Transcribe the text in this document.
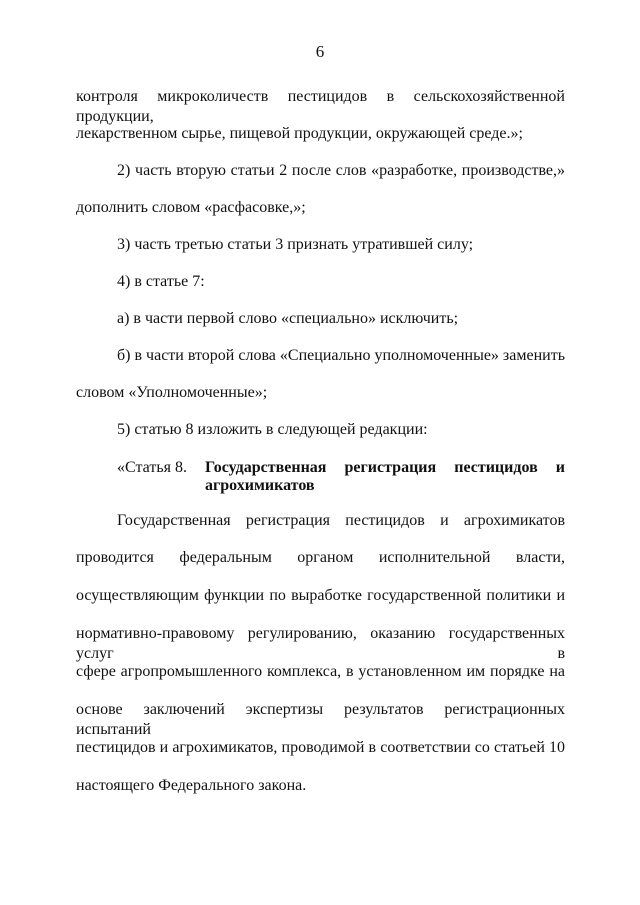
6
контроля микроколичеств пестицидов в сельскохозяйственной продукции,
лекарственном сырье, пищевой продукции, окружающей среде.»;
2) часть вторую статьи 2 после слов «разработке, производстве,»
дополнить словом «расфасовке,»;
3) часть третью статьи 3 признать утратившей силу;
4) в статье 7:
а) в части первой слово «специально» исключить;
б) в части второй слова «Специально уполномоченные» заменить
словом «Уполномоченные»;
5) статью 8 изложить в следующей редакции:
«Статья 8. Государственная регистрация пестицидов и
агрохимикатов
Государственная регистрация пестицидов и агрохимикатов
проводится федеральным органом исполнительной власти,
осуществляющим функции по выработке государственной политики и
нормативно-правовому регулированию, оказанию государственных услуг в
сфере агропромышленного комплекса, в установленном им порядке на
основе заключений экспертизы результатов регистрационных испытаний
пестицидов и агрохимикатов, проводимой в соответствии со статьей 10
настоящего Федерального закона.
